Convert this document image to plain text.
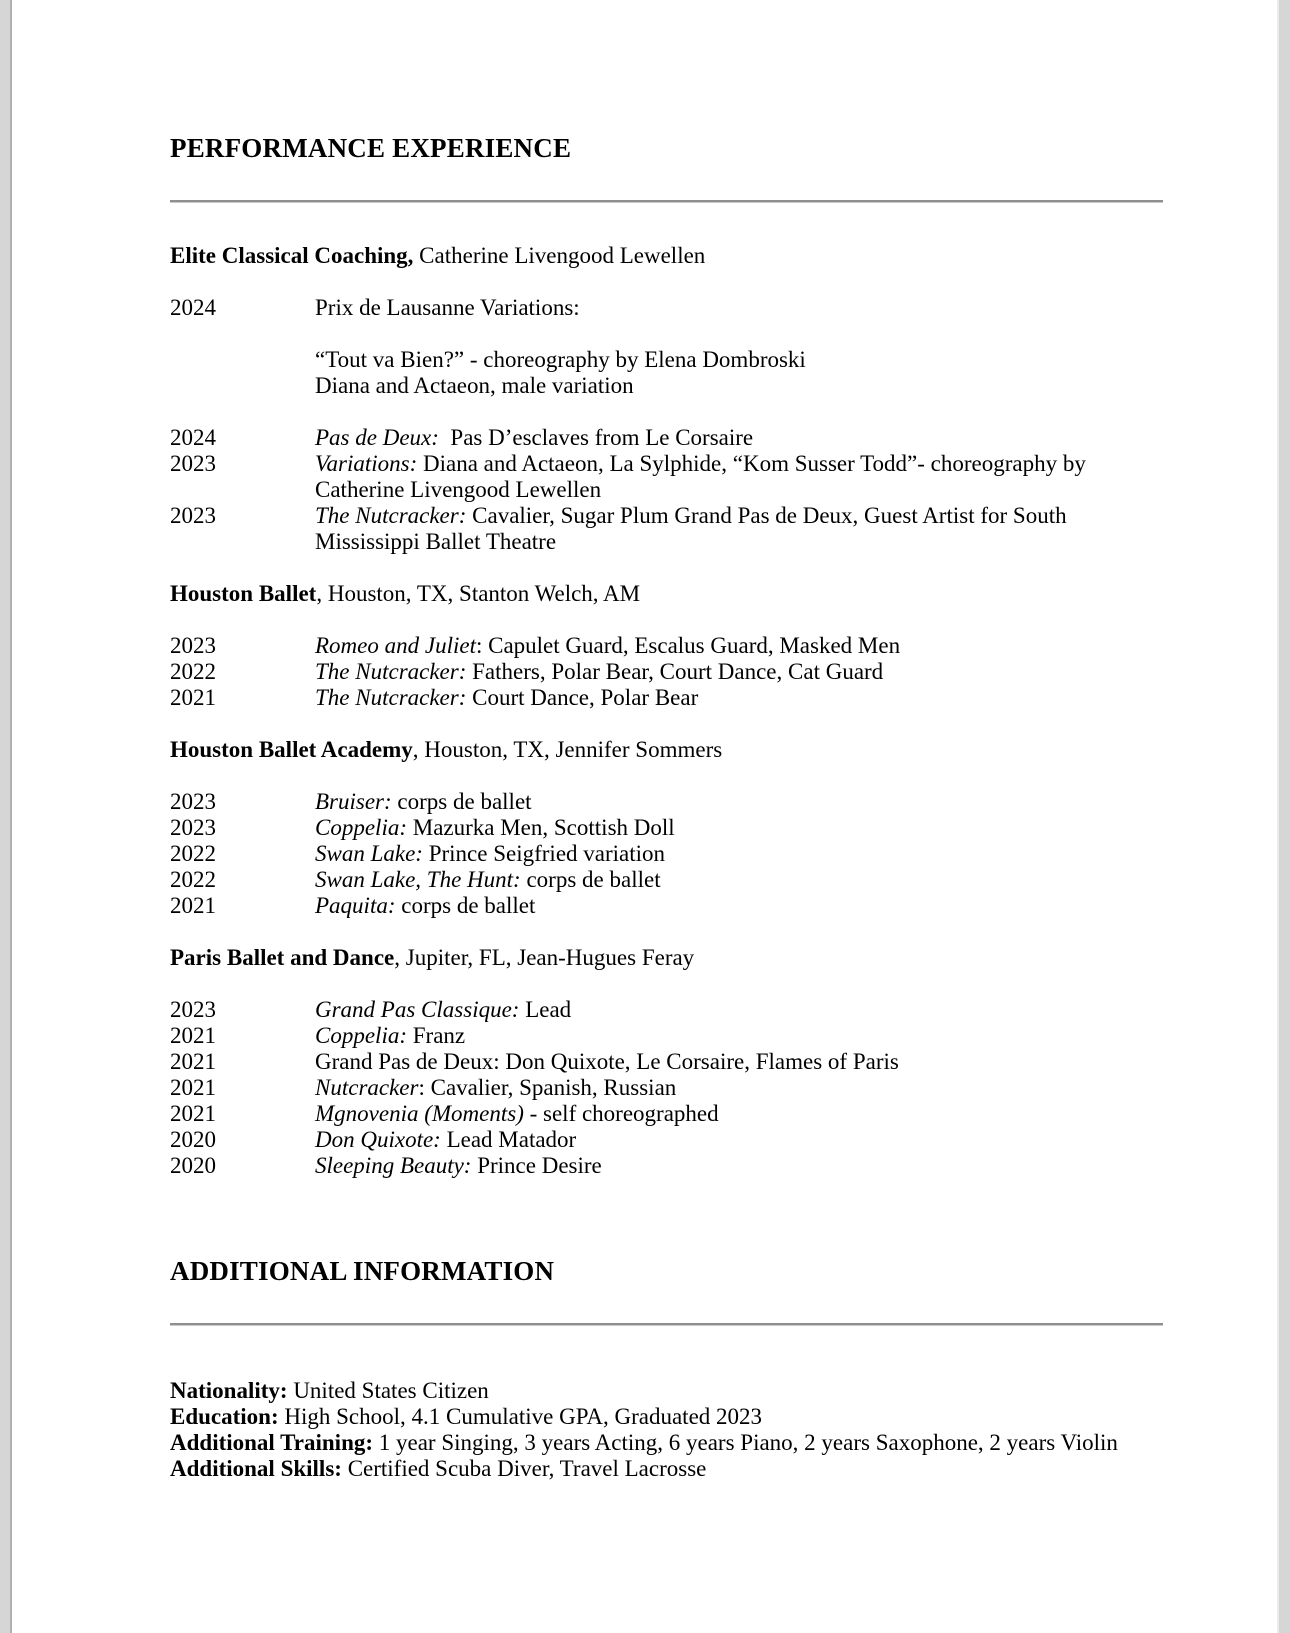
PERFORMANCE EXPERIENCE
Elite Classical Coaching, Catherine Livengood Lewellen
2024	Prix de Lausanne Variations:
“Tout va Bien?” - choreography by Elena Dombroski
Diana and Actaeon, male variation
2024	Pas de Deux:  Pas D’esclaves from Le Corsaire
2023	Variations: Diana and Actaeon, La Sylphide, “Kom Susser Todd”- choreography by
Catherine Livengood Lewellen
2023	The Nutcracker: Cavalier, Sugar Plum Grand Pas de Deux, Guest Artist for South
Mississippi Ballet Theatre
Houston Ballet, Houston, TX, Stanton Welch, AM
2023	Romeo and Juliet: Capulet Guard, Escalus Guard, Masked Men
2022	The Nutcracker: Fathers, Polar Bear, Court Dance, Cat Guard
2021	The Nutcracker: Court Dance, Polar Bear
Houston Ballet Academy, Houston, TX, Jennifer Sommers
2023	Bruiser: corps de ballet
2023	Coppelia: Mazurka Men, Scottish Doll
2022	Swan Lake: Prince Seigfried variation
2022	Swan Lake, The Hunt: corps de ballet
2021	Paquita: corps de ballet
Paris Ballet and Dance, Jupiter, FL, Jean-Hugues Feray
2023	Grand Pas Classique: Lead
2021	Coppelia: Franz
2021	Grand Pas de Deux: Don Quixote, Le Corsaire, Flames of Paris
2021	Nutcracker: Cavalier, Spanish, Russian
2021	Mgnovenia (Moments) - self choreographed
2020	Don Quixote: Lead Matador
2020	Sleeping Beauty: Prince Desire
ADDITIONAL INFORMATION
Nationality: United States Citizen
Education: High School, 4.1 Cumulative GPA, Graduated 2023
Additional Training: 1 year Singing, 3 years Acting, 6 years Piano, 2 years Saxophone, 2 years Violin
Additional Skills: Certified Scuba Diver, Travel Lacrosse
